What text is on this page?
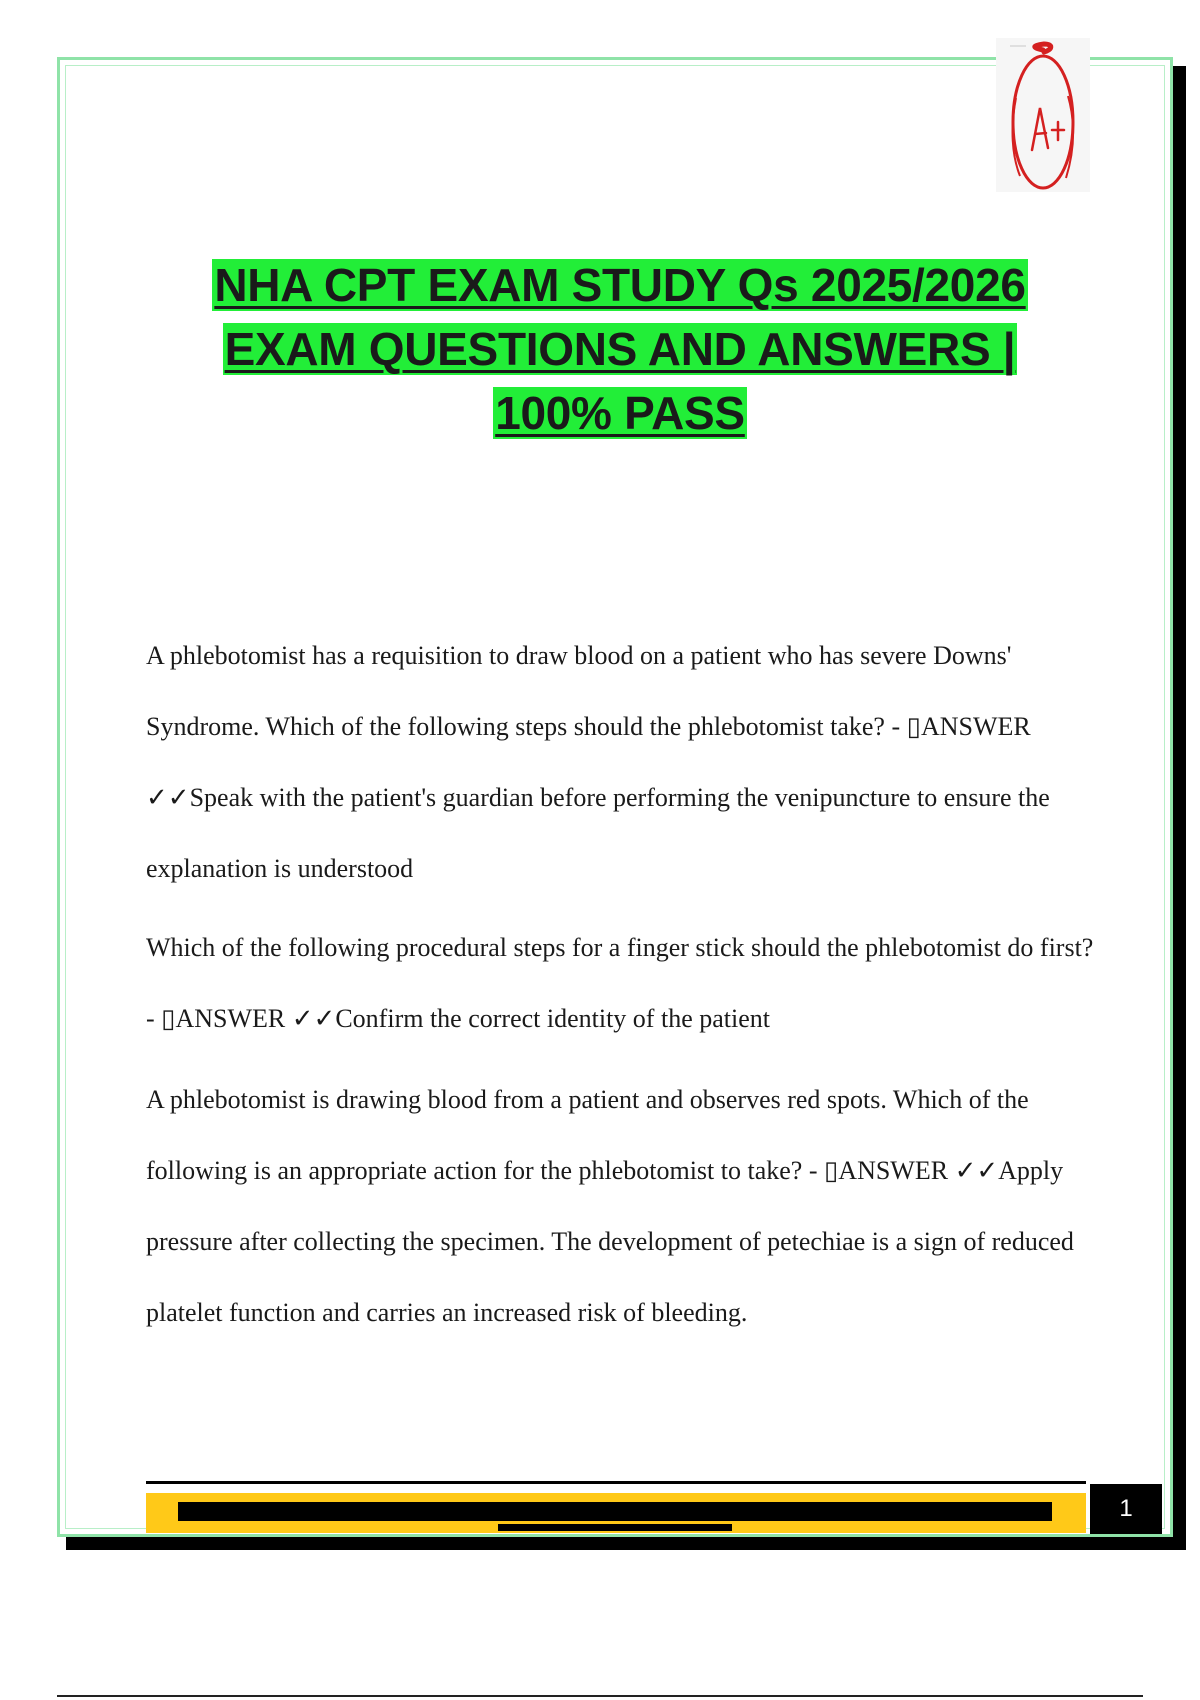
NHA CPT EXAM STUDY Qs 2025/2026
EXAM QUESTIONS AND ANSWERS |
100% PASS

A phlebotomist has a requisition to draw blood on a patient who has severe Downs' Syndrome. Which of the following steps should the phlebotomist take? - ▯ANSWER ✓✓Speak with the patient's guardian before performing the venipuncture to ensure the explanation is understood

Which of the following procedural steps for a finger stick should the phlebotomist do first? - ▯ANSWER ✓✓Confirm the correct identity of the patient

A phlebotomist is drawing blood from a patient and observes red spots. Which of the following is an appropriate action for the phlebotomist to take? - ▯ANSWER ✓✓Apply pressure after collecting the specimen. The development of petechiae is a sign of reduced platelet function and carries an increased risk of bleeding.

1
